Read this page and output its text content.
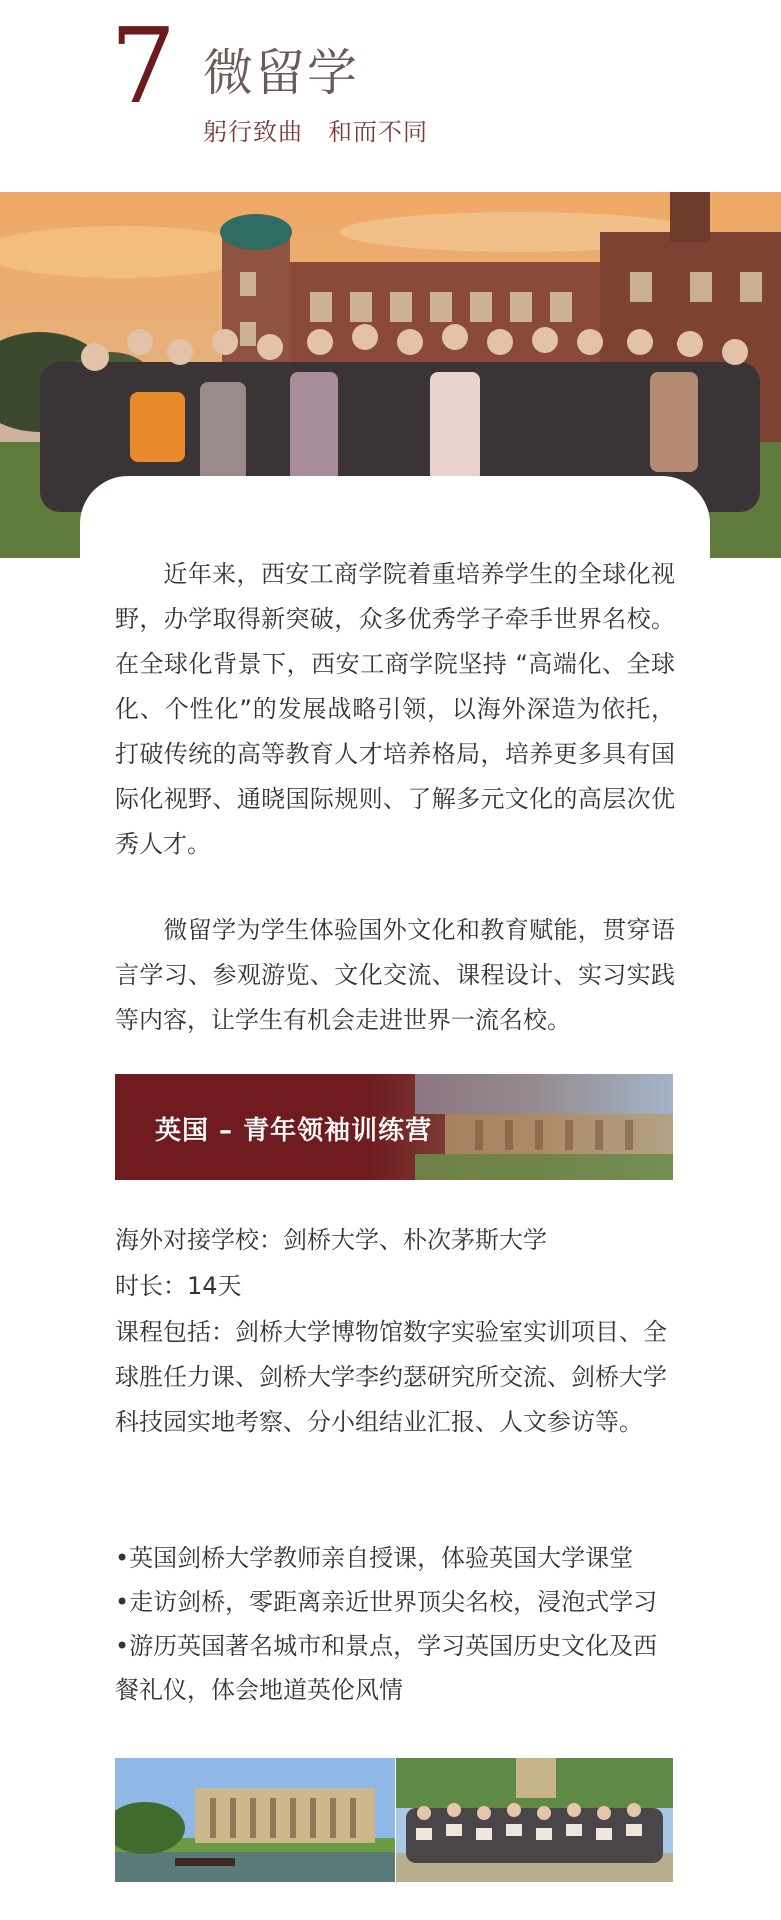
7 微留学
躬行致曲　和而不同

近年来，西安工商学院着重培养学生的全球化视野，办学取得新突破，众多优秀学子牵手世界名校。在全球化背景下，西安工商学院坚持 “高端化、全球化、个性化”的发展战略引领，以海外深造为依托，打破传统的高等教育人才培养格局，培养更多具有国际化视野、通晓国际规则、了解多元文化的高层次优秀人才。

微留学为学生体验国外文化和教育赋能，贯穿语言学习、参观游览、文化交流、课程设计、实习实践等内容，让学生有机会走进世界一流名校。

英国 – 青年领袖训练营

海外对接学校：剑桥大学、朴次茅斯大学

时长：14天

课程包括：剑桥大学博物馆数字实验室实训项目、全球胜任力课、剑桥大学李约瑟研究所交流、剑桥大学科技园实地考察、分小组结业汇报、人文参访等。

•英国剑桥大学教师亲自授课，体验英国大学课堂

•走访剑桥，零距离亲近世界顶尖名校，浸泡式学习

•游历英国著名城市和景点，学习英国历史文化及西餐礼仪，体会地道英伦风情
